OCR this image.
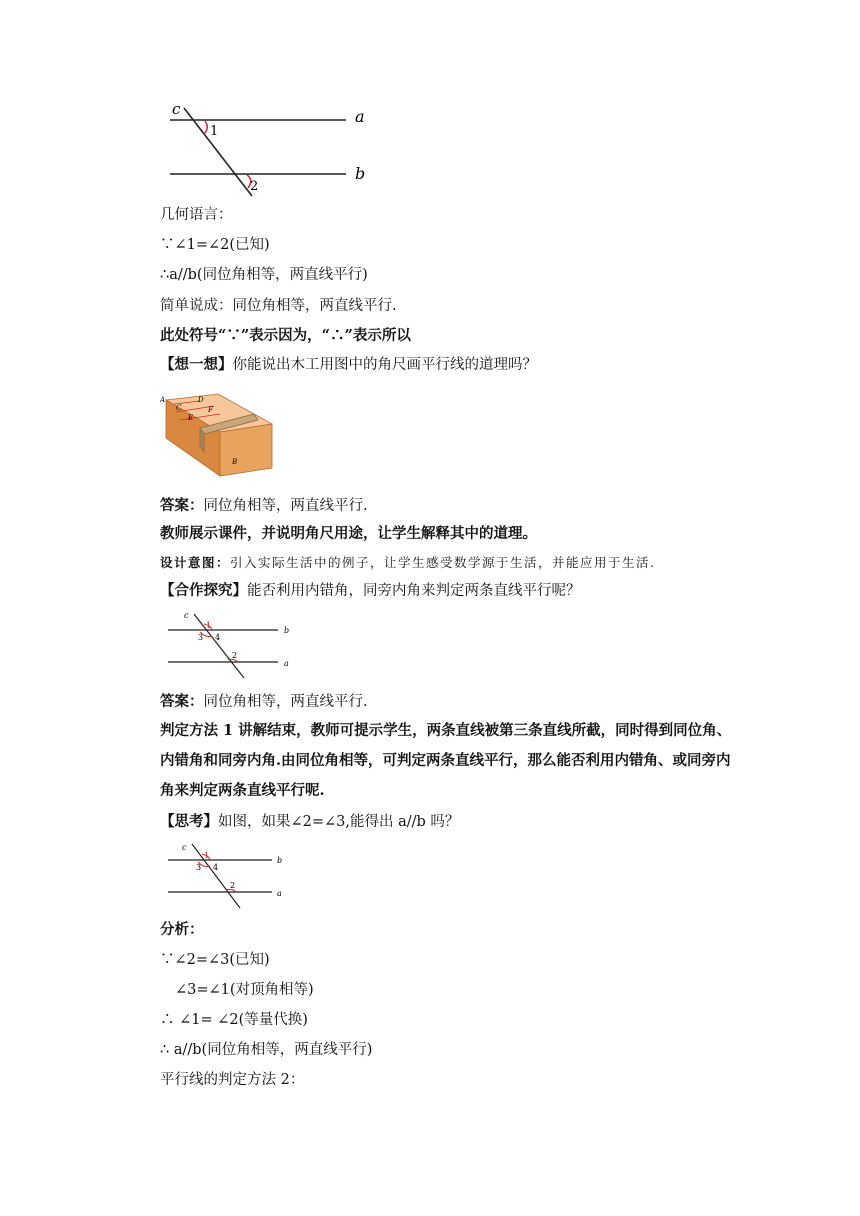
c
1
2
a
b
几何语言：
∵∠1=∠2(已知)
∴a//b(同位角相等，两直线平行)
简单说成：同位角相等，两直线平行.
此处符号“∵”表示因为，“∴”表示所以
【想一想】你能说出木工用图中的角尺画平行线的道理吗？
A
C
D
E
F
B
答案：同位角相等，两直线平行.
教师展示课件，并说明角尺用途，让学生解释其中的道理。
设计意图：引入实际生活中的例子，让学生感受数学源于生活，并能应用于生活.
【合作探究】能否利用内错角，同旁内角来判定两条直线平行呢？
c
1
3 4
2
b
a
答案：同位角相等，两直线平行.
判定方法 1 讲解结束，教师可提示学生，两条直线被第三条直线所截，同时得到同位角、内错角和同旁内角.由同位角相等，可判定两条直线平行，那么能否利用内错角、或同旁内角来判定两条直线平行呢.
【思考】如图，如果∠2=∠3,能得出 a//b 吗？
c
1
3 4
2
b
a
分析：
∵∠2=∠3(已知)
∠3=∠1(对顶角相等)
∴ ∠1= ∠2(等量代换)
∴ a//b(同位角相等，两直线平行)
平行线的判定方法 2：
